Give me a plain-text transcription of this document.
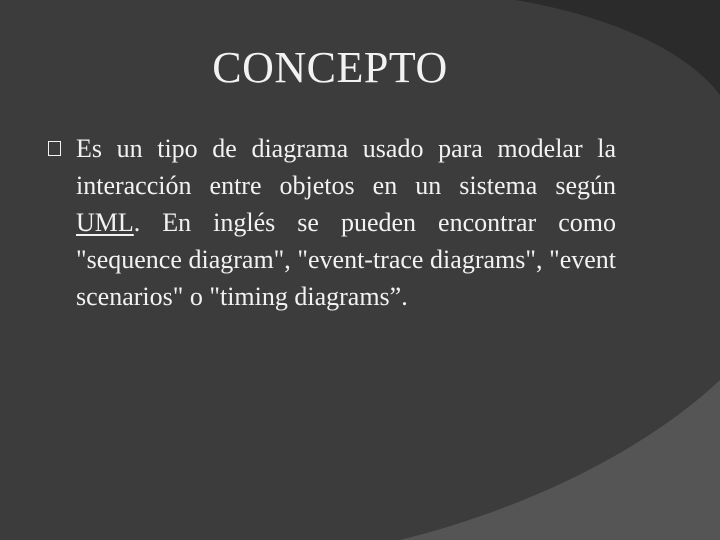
CONCEPTO
Es un tipo de diagrama usado para modelar la interacción entre objetos en un sistema según UML. En inglés se pueden encontrar como "sequence diagram", "event-trace diagrams", "event scenarios" o "timing diagrams”.
